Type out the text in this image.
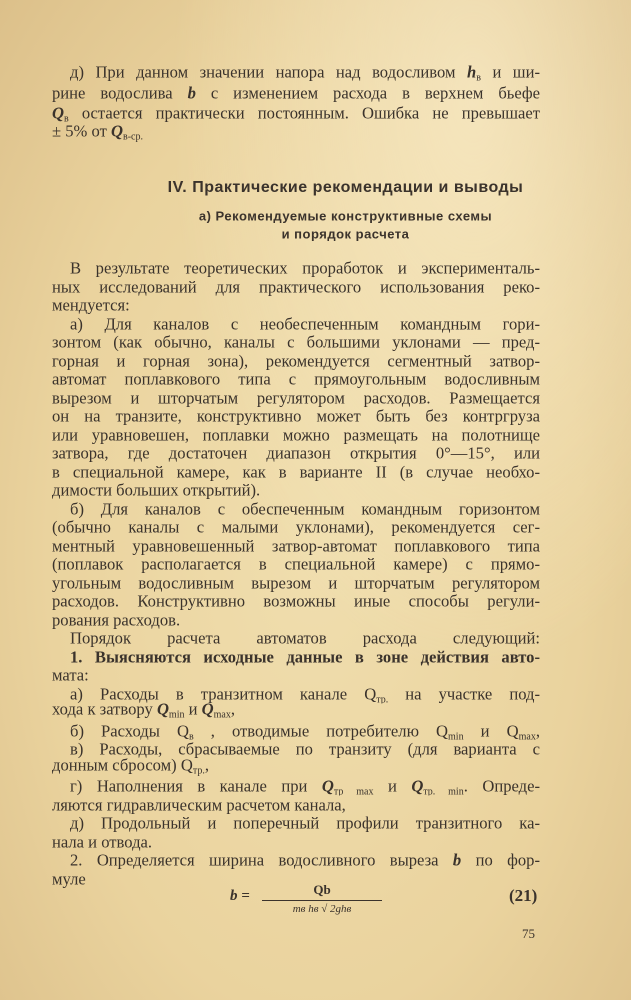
д) При данном значении напора над водосливом $h_в$ и ши-
рине водослива b с изменением расхода в верхнем бьефе
$Q_в$ остается практически постоянным. Ошибка не превышает
± 5% от $Q_{в-ср.}$
IV. Практические рекомендации и выводы
а) Рекомендуемые конструктивные схемы
и порядок расчета
В результате теоретических проработок и эксперименталь-
ных исследований для практического использования реко-
мендуется:
а) Для каналов с необеспеченным командным гори-
зонтом (как обычно, каналы с большими уклонами — пред-
горная и горная зона), рекомендуется сегментный затвор-
автомат поплавкового типа с прямоугольным водосливным
вырезом и шторчатым регулятором расходов. Размещается
он на транзите, конструктивно может быть без контргруза
или уравновешен, поплавки можно размещать на полотнище
затвора, где достаточен диапазон открытия 0°—15°, или
в специальной камере, как в варианте II (в случае необхо-
димости больших открытий).
б) Для каналов с обеспеченным командным горизонтом
(обычно каналы с малыми уклонами), рекомендуется сег-
ментный уравновешенный затвор-автомат поплавкового типа
(поплавок располагается в специальной камере) с прямо-
угольным водосливным вырезом и шторчатым регулятором
расходов. Конструктивно возможны иные способы регули-
рования расходов.
Порядок расчета автоматов расхода следующий:
1. Выясняются исходные данные в зоне действия авто-
мата:
а) Расходы в транзитном канале $Q_{тр.}$ на участке под-
хода к затвору $Q_{min}$ и $Q_{max}$,
б) Расходы $Q_в$ , отводимые потребителю $Q_{min}$ и $Q_{max}$,
в) Расходы, сбрасываемые по транзиту (для варианта с
донным сбросом) $Q_{тр.}$,
г) Наполнения в канале при $Q_{тр max}$ и $Q_{тр. min}$. Опреде-
ляются гидравлическим расчетом канала,
д) Продольный и поперечный профили транзитного ка-
нала и отвода.
2. Определяется ширина водосливного выреза b по фор-
муле
b =	Qb
mв hв √ 2ghв
(21)
75
